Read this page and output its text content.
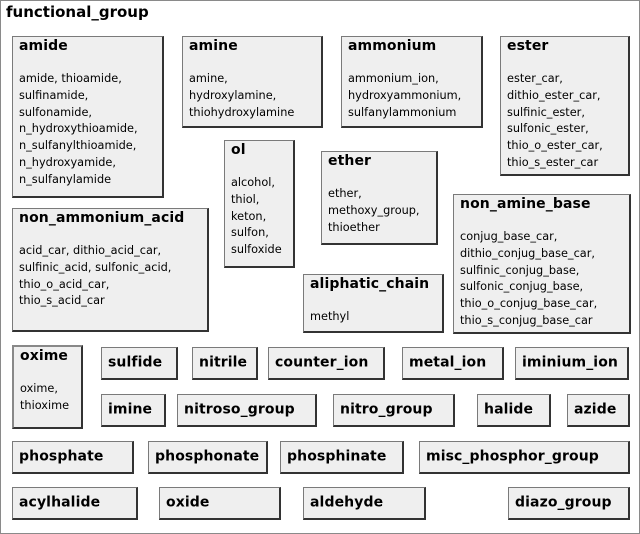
functional_group
amide
amide, thioamide,
sulfinamide,
sulfonamide,
n_hydroxythioamide,
n_sulfanylthioamide,
n_hydroxyamide,
n_sulfanylamide
amine
amine,
hydroxylamine,
thiohydroxylamine
ammonium
ammonium_ion,
hydroxyammonium,
sulfanylammonium
ester
ester_car,
dithio_ester_car,
sulfinic_ester,
sulfonic_ester,
thio_o_ester_car,
thio_s_ester_car
ol
alcohol,
thiol,
keton,
sulfon,
sulfoxide
ether
ether,
methoxy_group,
thioether
non_ammonium_acid
acid_car, dithio_acid_car,
sulfinic_acid, sulfonic_acid,
thio_o_acid_car,
thio_s_acid_car
non_amine_base
conjug_base_car,
dithio_conjug_base_car,
sulfinic_conjug_base,
sulfonic_conjug_base,
thio_o_conjug_base_car,
thio_s_conjug_base_car
aliphatic_chain
methyl
oxime
oxime,
thioxime
sulfide	nitrile counter_ion	metal_ion	iminium_ion
imine nitroso_group	nitro_group	halide	azide
phosphate	phosphonate phosphinate	misc_phosphor_group
acylhalide	oxide	aldehyde	diazo_group
